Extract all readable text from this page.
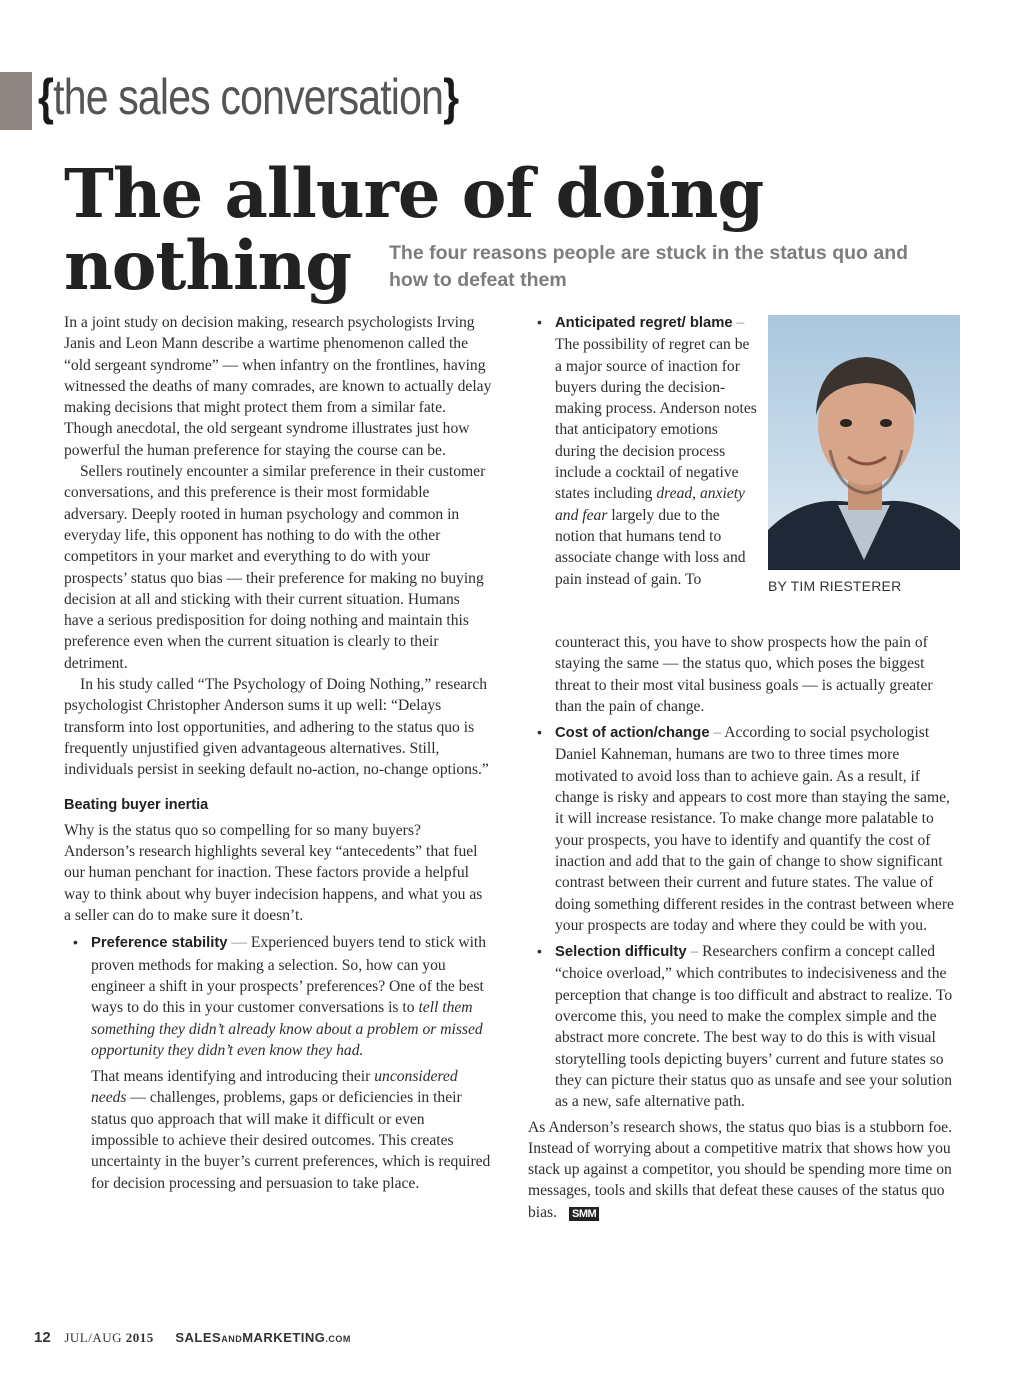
{the sales conversation}
The allure of doing nothing	The four reasons people are stuck in the status quo and how to defeat them

In a joint study on decision making, research psychologists Irving Janis and Leon Mann describe a wartime phenomenon called the “old sergeant syndrome” — when infantry on the frontlines, having witnessed the deaths of many comrades, are known to actually delay making decisions that might protect them from a similar fate. Though anecdotal, the old sergeant syndrome illustrates just how powerful the human preference for staying the course can be.

Sellers routinely encounter a similar preference in their customer conversations, and this preference is their most formidable adversary. Deeply rooted in human psychology and common in everyday life, this opponent has nothing to do with the other competitors in your market and everything to do with your prospects’ status quo bias — their preference for making no buying decision at all and sticking with their current situation. Humans have a serious predisposition for doing nothing and maintain this preference even when the current situation is clearly to their detriment.

In his study called “The Psychology of Doing Nothing,” research psychologist Christopher Anderson sums it up well: “Delays transform into lost opportunities, and adhering to the status quo is frequently unjustified given advantageous alternatives. Still, individuals persist in seeking default no-action, no-change options.”

Beating buyer inertia

Why is the status quo so compelling for so many buyers? Anderson’s research highlights several key “antecedents” that fuel our human penchant for inaction. These factors provide a helpful way to think about why buyer indecision happens, and what you as a seller can do to make sure it doesn’t.

• Preference stability — Experienced buyers tend to stick with proven methods for making a selection. So, how can you engineer a shift in your prospects’ preferences? One of the best ways to do this in your customer conversations is to tell them something they didn’t already know about a problem or missed opportunity they didn’t even know they had.

That means identifying and introducing their unconsidered needs — challenges, problems, gaps or deficiencies in their status quo approach that will make it difficult or even impossible to achieve their desired outcomes. This creates uncertainty in the buyer’s current preferences, which is required for decision processing and persuasion to take place.

BY TIM RIESTERER
• Anticipated regret/ blame – The possibility of regret can be a major source of inaction for buyers during the decision-making process. Anderson notes that anticipatory emotions during the decision process include a cocktail of negative states including dread, anxiety and fear largely due to the notion that humans tend to associate change with loss and pain instead of gain. To

counteract this, you have to show prospects how the pain of staying the same — the status quo, which poses the biggest threat to their most vital business goals — is actually greater than the pain of change.

• Cost of action/change – According to social psychologist Daniel Kahneman, humans are two to three times more motivated to avoid loss than to achieve gain. As a result, if change is risky and appears to cost more than staying the same, it will increase resistance. To make change more palatable to your prospects, you have to identify and quantify the cost of inaction and add that to the gain of change to show significant contrast between their current and future states. The value of doing something different resides in the contrast between where your prospects are today and where they could be with you.

• Selection difficulty – Researchers confirm a concept called “choice overload,” which contributes to indecisiveness and the perception that change is too difficult and abstract to realize. To overcome this, you need to make the complex simple and the abstract more concrete. The best way to do this is with visual storytelling tools depicting buyers’ current and future states so they can picture their status quo as unsafe and see your solution as a new, safe alternative path.

As Anderson’s research shows, the status quo bias is a stubborn foe. Instead of worrying about a competitive matrix that shows how you stack up against a competitor, you should be spending more time on messages, tools and skills that defeat these causes of the status quo bias. SMM

12 JUL/AUG 2015 SALESANDMARKETING.COM
